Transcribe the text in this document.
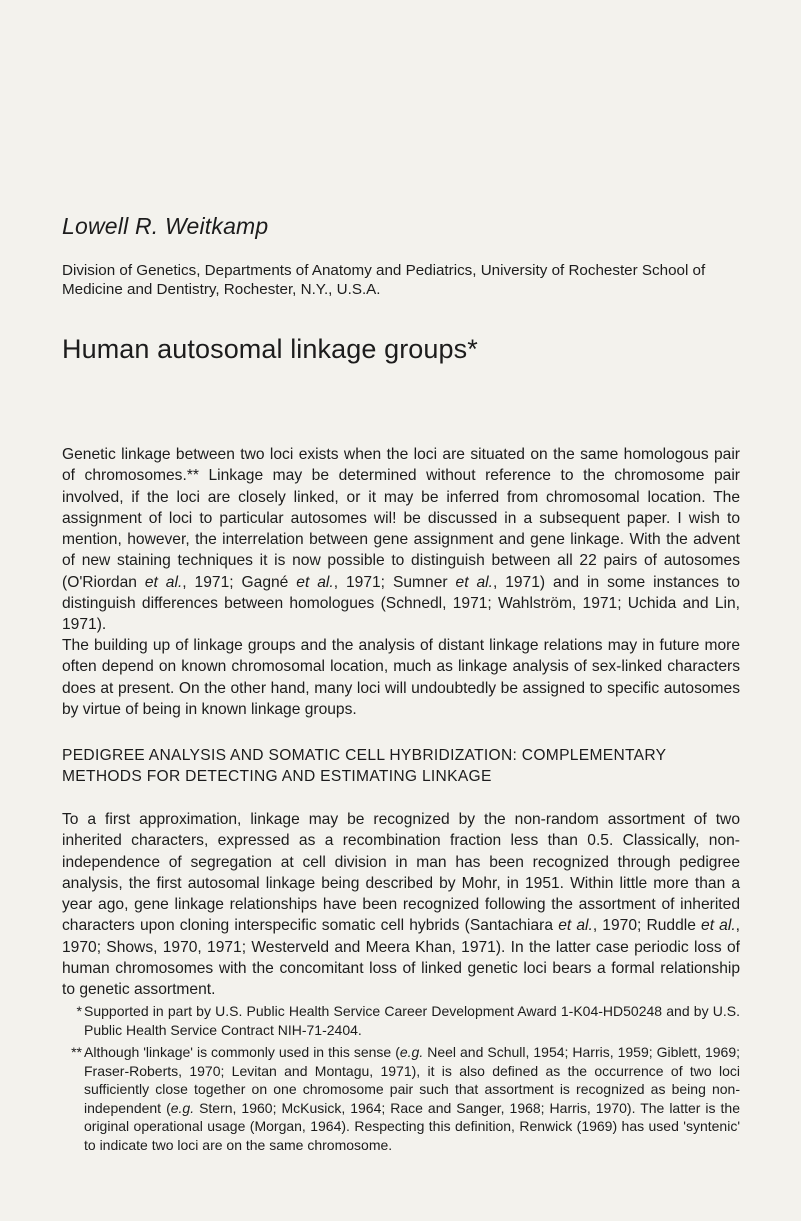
Lowell R. Weitkamp
Division of Genetics, Departments of Anatomy and Pediatrics, University of Rochester School of Medicine and Dentistry, Rochester, N.Y., U.S.A.
Human autosomal linkage groups*

Genetic linkage between two loci exists when the loci are situated on the same homologous pair of chromosomes.** Linkage may be determined without reference to the chromosome pair involved, if the loci are closely linked, or it may be inferred from chromosomal location. The assignment of loci to particular autosomes wil! be discussed in a subsequent paper. I wish to mention, however, the interrelation between gene assignment and gene linkage. With the advent of new staining techniques it is now possible to distinguish between all 22 pairs of autosomes (O'Riordan et al., 1971; Gagné et al., 1971; Sumner et al., 1971) and in some instances to distinguish differences between homologues (Schnedl, 1971; Wahlström, 1971; Uchida and Lin, 1971).

The building up of linkage groups and the analysis of distant linkage relations may in future more often depend on known chromosomal location, much as linkage analysis of sex-linked characters does at present. On the other hand, many loci will undoubtedly be assigned to specific autosomes by virtue of being in known linkage groups.

PEDIGREE ANALYSIS AND SOMATIC CELL HYBRIDIZATION: COMPLEMENTARY METHODS FOR DETECTING AND ESTIMATING LINKAGE

To a first approximation, linkage may be recognized by the non-random assortment of two inherited characters, expressed as a recombination fraction less than 0.5. Classically, non-independence of segregation at cell division in man has been recognized through pedigree analysis, the first autosomal linkage being described by Mohr, in 1951. Within little more than a year ago, gene linkage relationships have been recognized following the assortment of inherited characters upon cloning interspecific somatic cell hybrids (Santachiara et al., 1970; Ruddle et al., 1970; Shows, 1970, 1971; Westerveld and Meera Khan, 1971). In the latter case periodic loss of human chromosomes with the concomitant loss of linked genetic loci bears a formal relationship to genetic assortment.

* Supported in part by U.S. Public Health Service Career Development Award 1-K04-HD50248 and by U.S. Public Health Service Contract NIH-71-2404.
** Although 'linkage' is commonly used in this sense (e.g. Neel and Schull, 1954; Harris, 1959; Giblett, 1969; Fraser-Roberts, 1970; Levitan and Montagu, 1971), it is also defined as the occurrence of two loci sufficiently close together on one chromosome pair such that assortment is recognized as being non-independent (e.g. Stern, 1960; McKusick, 1964; Race and Sanger, 1968; Harris, 1970). The latter is the original operational usage (Morgan, 1964). Respecting this definition, Renwick (1969) has used 'syntenic' to indicate two loci are on the same chromosome.
